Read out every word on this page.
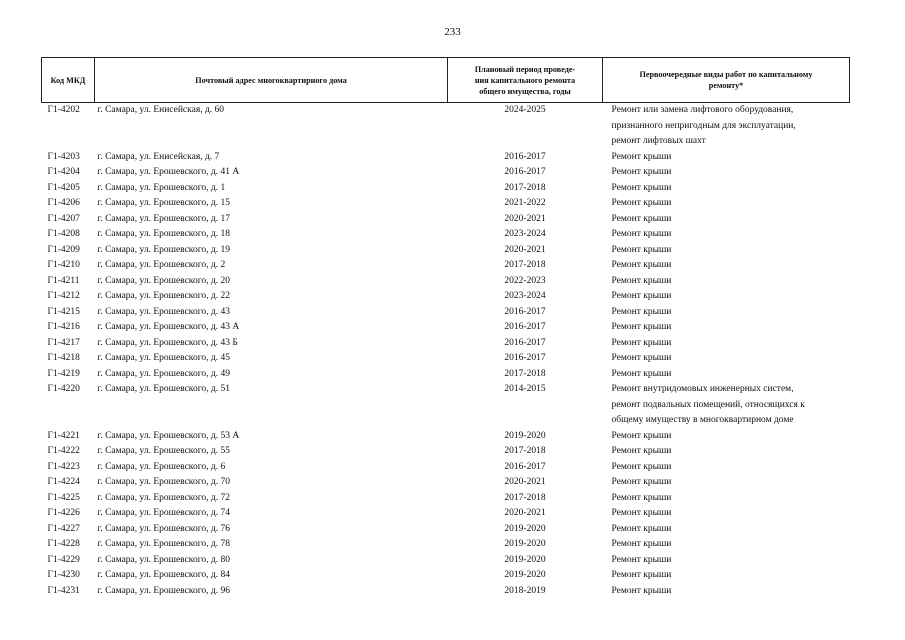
233
Код МКД	Почтовый адрес многоквартирного дома	Плановый период проведе-
ния капитального ремонта
общего имущества, годы	Первоочередные виды работ по капитальному
ремонту*

Г1-4202	г. Самара, ул. Енисейская, д. 60	2024-2025	Ремонт или замена лифтового оборудования,
признанного непригодным для эксплуатации,
ремонт лифтовых шахт

Г1-4203	г. Самара, ул. Енисейская, д. 7	2016-2017	Ремонт крыши

Г1-4204	г. Самара, ул. Ерошевского, д. 41 А	2016-2017	Ремонт крыши

Г1-4205	г. Самара, ул. Ерошевского, д. 1	2017-2018	Ремонт крыши

Г1-4206	г. Самара, ул. Ерошевского, д. 15	2021-2022	Ремонт крыши

Г1-4207	г. Самара, ул. Ерошевского, д. 17	2020-2021	Ремонт крыши

Г1-4208	г. Самара, ул. Ерошевского, д. 18	2023-2024	Ремонт крыши

Г1-4209	г. Самара, ул. Ерошевского, д. 19	2020-2021	Ремонт крыши

Г1-4210	г. Самара, ул. Ерошевского, д. 2	2017-2018	Ремонт крыши

Г1-4211	г. Самара, ул. Ерошевского, д. 20	2022-2023	Ремонт крыши

Г1-4212	г. Самара, ул. Ерошевского, д. 22	2023-2024	Ремонт крыши

Г1-4215	г. Самара, ул. Ерошевского, д. 43	2016-2017	Ремонт крыши

Г1-4216	г. Самара, ул. Ерошевского, д. 43 А	2016-2017	Ремонт крыши

Г1-4217	г. Самара, ул. Ерошевского, д. 43 Б	2016-2017	Ремонт крыши

Г1-4218	г. Самара, ул. Ерошевского, д. 45	2016-2017	Ремонт крыши

Г1-4219	г. Самара, ул. Ерошевского, д. 49	2017-2018	Ремонт крыши

Г1-4220	г. Самара, ул. Ерошевского, д. 51	2014-2015	Ремонт внутридомовых инженерных систем,
ремонт подвальных помещений, относящихся к
общему имуществу в многоквартирном доме

Г1-4221	г. Самара, ул. Ерошевского, д. 53 А	2019-2020	Ремонт крыши

Г1-4222	г. Самара, ул. Ерошевского, д. 55	2017-2018	Ремонт крыши

Г1-4223	г. Самара, ул. Ерошевского, д. 6	2016-2017	Ремонт крыши

Г1-4224	г. Самара, ул. Ерошевского, д. 70	2020-2021	Ремонт крыши

Г1-4225	г. Самара, ул. Ерошевского, д. 72	2017-2018	Ремонт крыши

Г1-4226	г. Самара, ул. Ерошевского, д. 74	2020-2021	Ремонт крыши

Г1-4227	г. Самара, ул. Ерошевского, д. 76	2019-2020	Ремонт крыши

Г1-4228	г. Самара, ул. Ерошевского, д. 78	2019-2020	Ремонт крыши

Г1-4229	г. Самара, ул. Ерошевского, д. 80	2019-2020	Ремонт крыши

Г1-4230	г. Самара, ул. Ерошевского, д. 84	2019-2020	Ремонт крыши

Г1-4231	г. Самара, ул. Ерошевского, д. 96	2018-2019	Ремонт крыши
